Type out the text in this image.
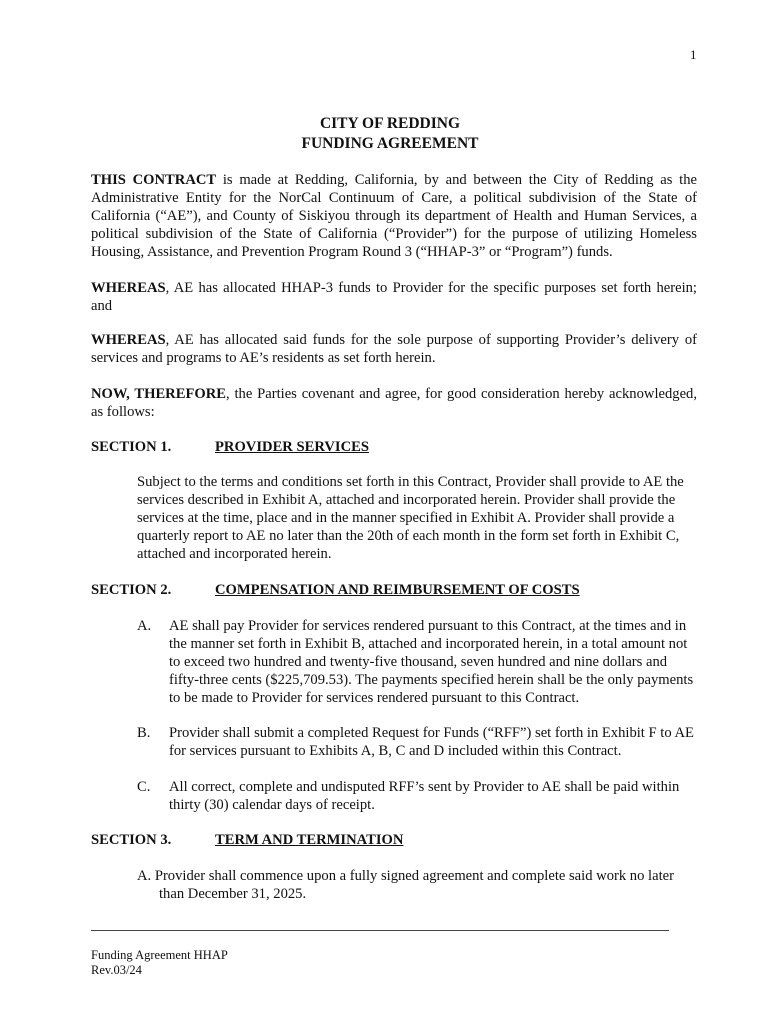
1
CITY OF REDDING
FUNDING AGREEMENT
THIS CONTRACT is made at Redding, California, by and between the City of Redding as the Administrative Entity for the NorCal Continuum of Care, a political subdivision of the State of California (“AE”), and County of Siskiyou through its department of Health and Human Services, a political subdivision of the State of California (“Provider”) for the purpose of utilizing Homeless Housing, Assistance, and Prevention Program Round 3 (“HHAP-3” or “Program”) funds.
WHEREAS, AE has allocated HHAP-3 funds to Provider for the specific purposes set forth herein; and
WHEREAS, AE has allocated said funds for the sole purpose of supporting Provider’s delivery of services and programs to AE’s residents as set forth herein.
NOW, THEREFORE, the Parties covenant and agree, for good consideration hereby acknowledged, as follows:
SECTION 1.	PROVIDER SERVICES
Subject to the terms and conditions set forth in this Contract, Provider shall provide to AE the services described in Exhibit A, attached and incorporated herein. Provider shall provide the services at the time, place and in the manner specified in Exhibit A. Provider shall provide a quarterly report to AE no later than the 20th of each month in the form set forth in Exhibit C, attached and incorporated herein.
SECTION 2.	COMPENSATION AND REIMBURSEMENT OF COSTS
A. AE shall pay Provider for services rendered pursuant to this Contract, at the times and in the manner set forth in Exhibit B, attached and incorporated herein, in a total amount not to exceed two hundred and twenty-five thousand, seven hundred and nine dollars and fifty-three cents ($225,709.53). The payments specified herein shall be the only payments to be made to Provider for services rendered pursuant to this Contract.
B. Provider shall submit a completed Request for Funds (“RFF”) set forth in Exhibit F to AE for services pursuant to Exhibits A, B, C and D included within this Contract.
C. All correct, complete and undisputed RFF’s sent by Provider to AE shall be paid within thirty (30) calendar days of receipt.
SECTION 3.	TERM AND TERMINATION
A. Provider shall commence upon a fully signed agreement and complete said work no later than December 31, 2025.
Funding Agreement HHAP
Rev.03/24
